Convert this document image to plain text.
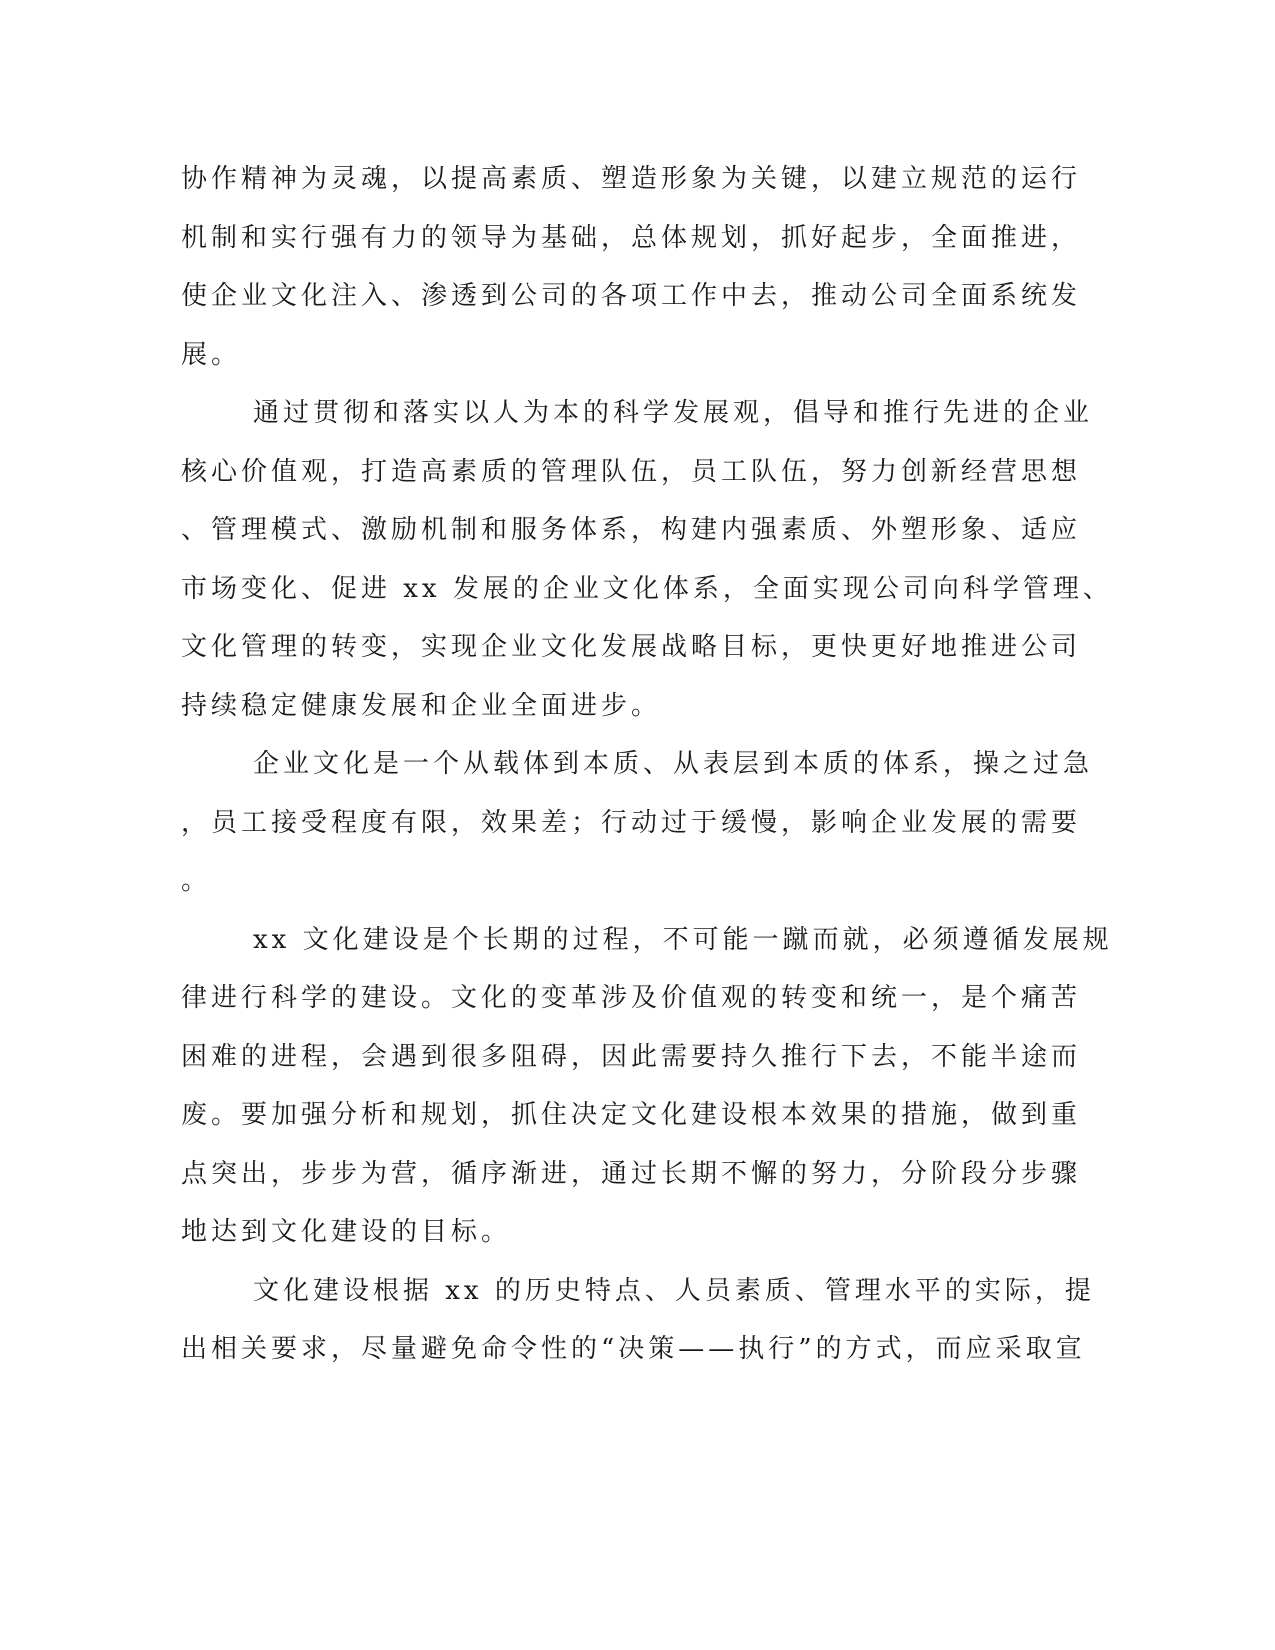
协作精神为灵魂，以提高素质、塑造形象为关键，以建立规范的运行
机制和实行强有力的领导为基础，总体规划，抓好起步，全面推进，
使企业文化注入、渗透到公司的各项工作中去，推动公司全面系统发
展。
通过贯彻和落实以人为本的科学发展观，倡导和推行先进的企业
核心价值观，打造高素质的管理队伍，员工队伍，努力创新经营思想
、管理模式、激励机制和服务体系，构建内强素质、外塑形象、适应
市场变化、促进 xx 发展的企业文化体系，全面实现公司向科学管理、
文化管理的转变，实现企业文化发展战略目标，更快更好地推进公司
持续稳定健康发展和企业全面进步。
企业文化是一个从载体到本质、从表层到本质的体系，操之过急
，员工接受程度有限，效果差；行动过于缓慢，影响企业发展的需要
。
xx 文化建设是个长期的过程，不可能一蹴而就，必须遵循发展规
律进行科学的建设。文化的变革涉及价值观的转变和统一，是个痛苦
困难的进程，会遇到很多阻碍，因此需要持久推行下去，不能半途而
废。要加强分析和规划，抓住决定文化建设根本效果的措施，做到重
点突出，步步为营，循序渐进，通过长期不懈的努力，分阶段分步骤
地达到文化建设的目标。
文化建设根据 xx 的历史特点、人员素质、管理水平的实际，提
出相关要求，尽量避免命令性的“决策——执行”的方式，而应采取宣
